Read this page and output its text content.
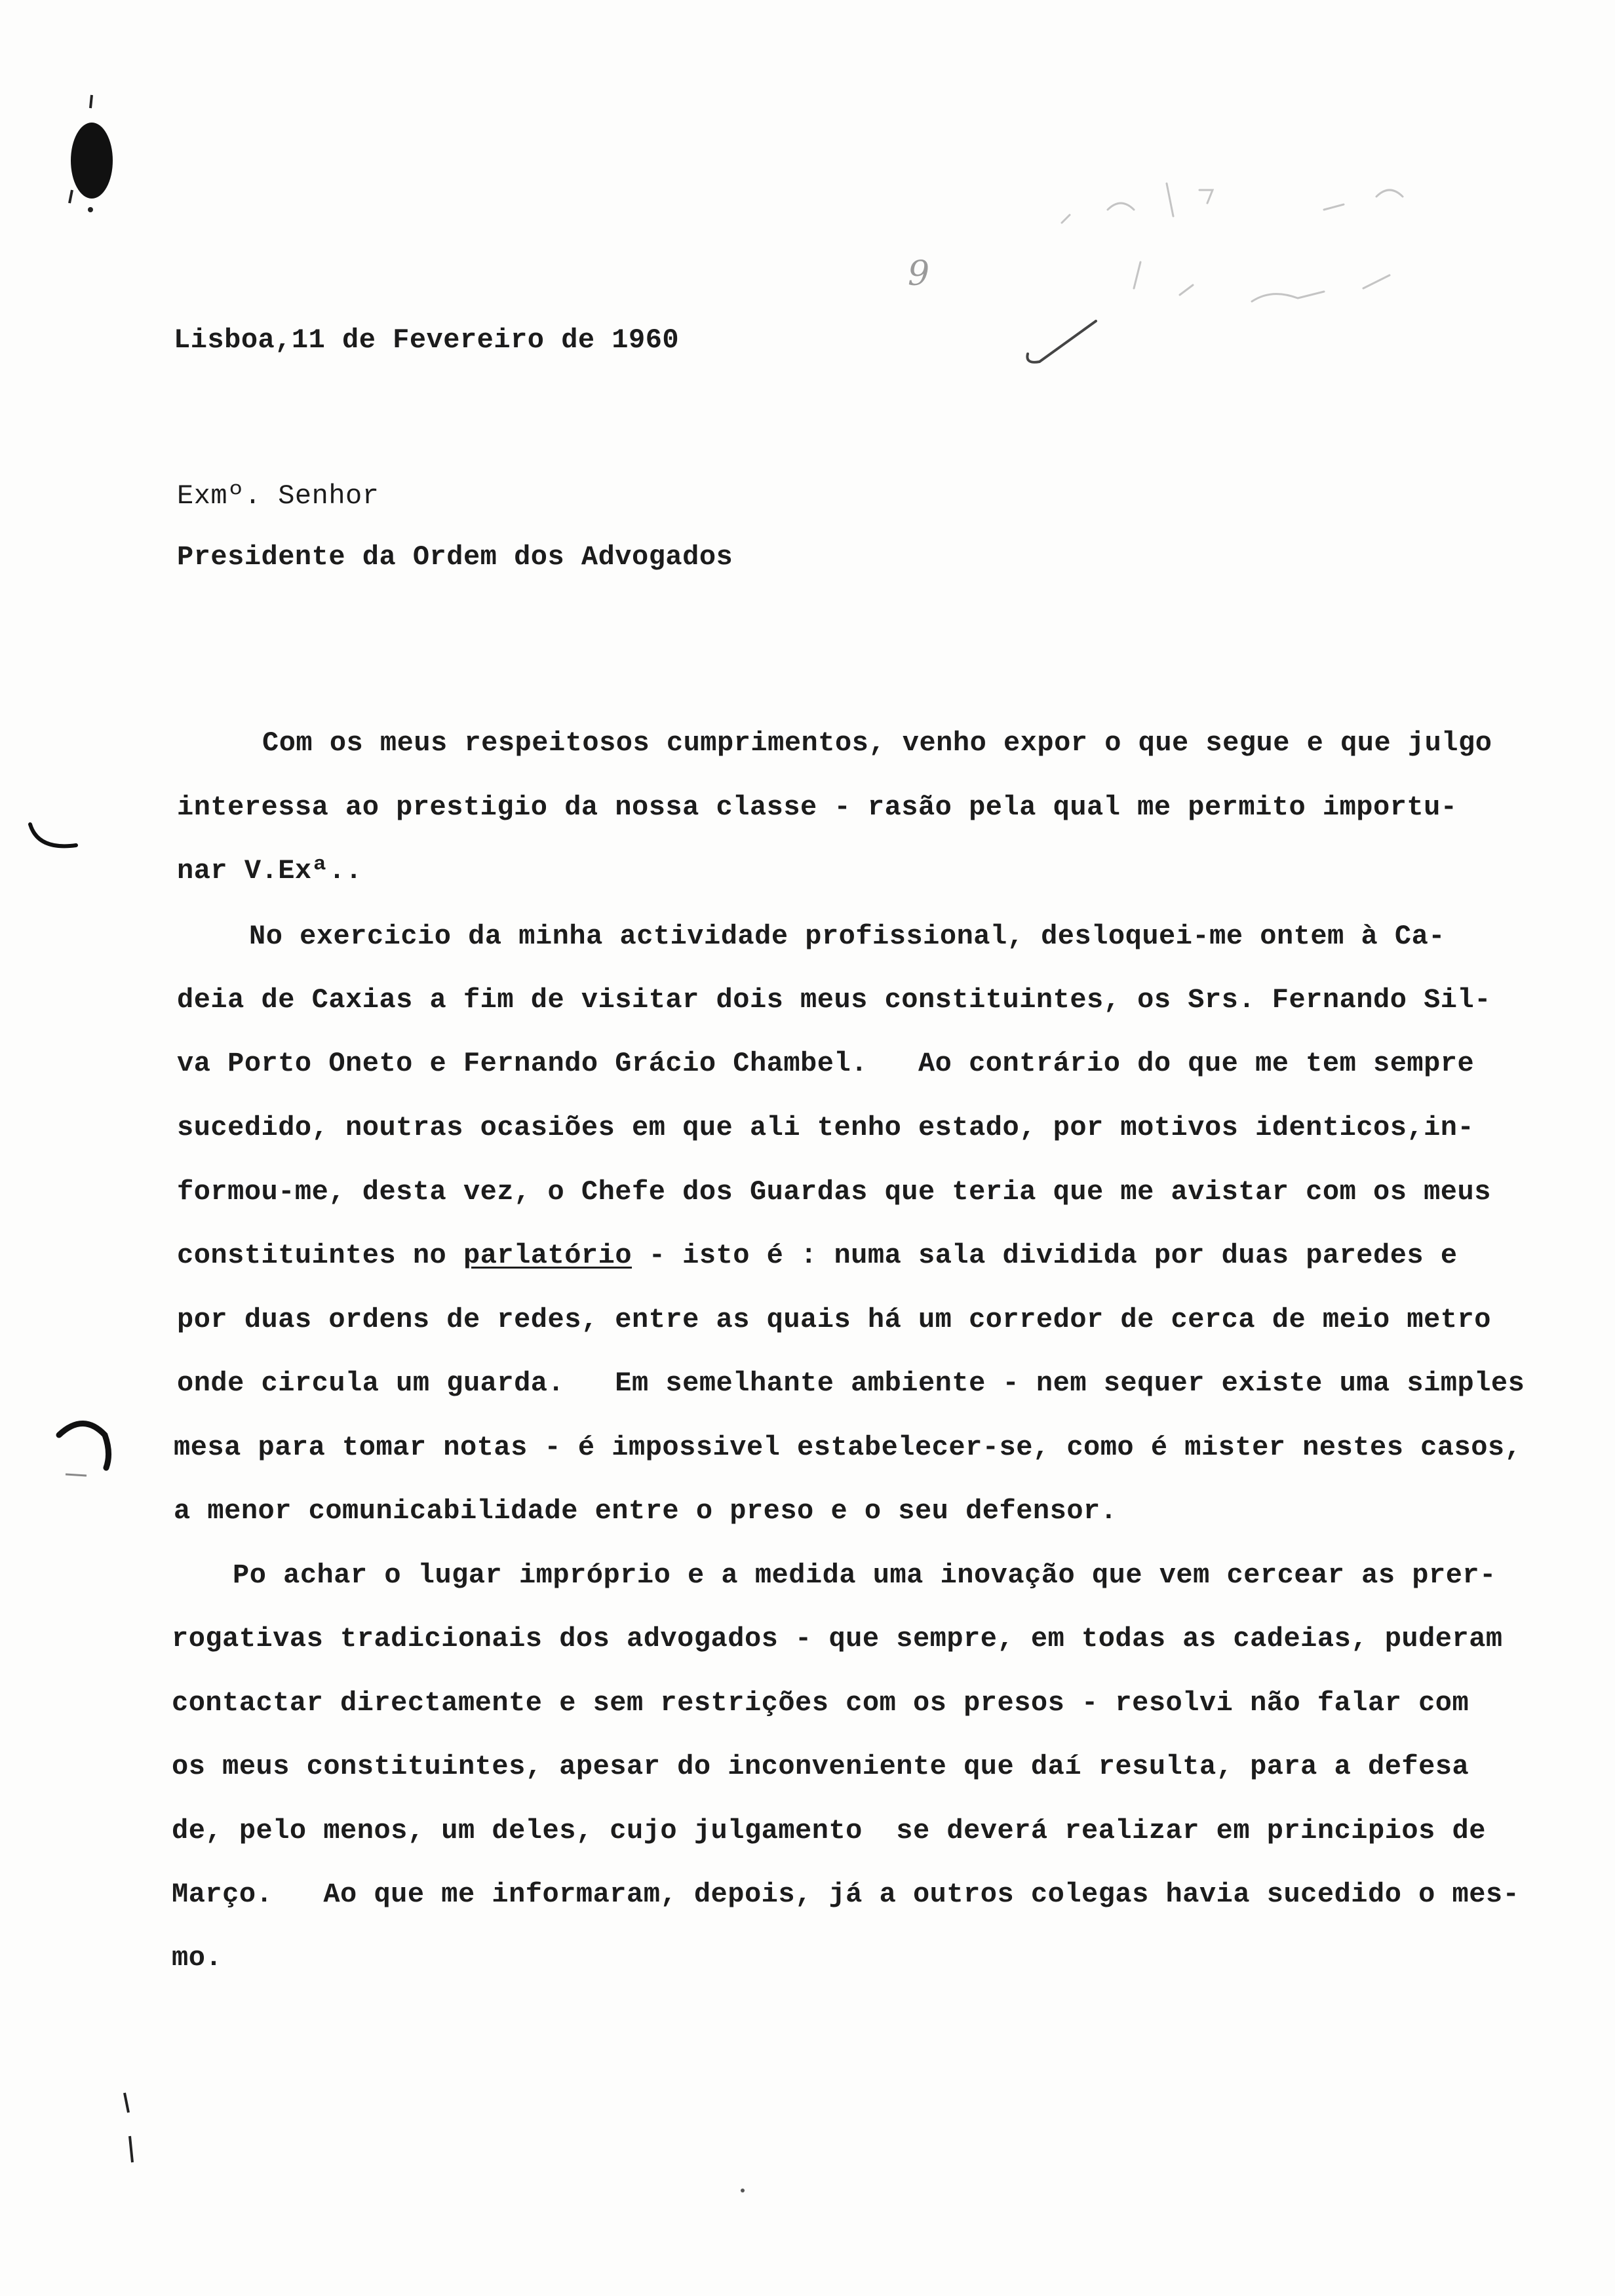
9
Lisboa,11 de Fevereiro de 1960
Exmº. Senhor
Presidente da Ordem dos Advogados
Com os meus respeitosos cumprimentos, venho expor o que segue e que julgo
interessa ao prestigio da nossa classe - rasão pela qual me permito importu-
nar V.Exª..
No exercicio da minha actividade profissional, desloquei-me ontem à Ca-
deia de Caxias a fim de visitar dois meus constituintes, os Srs. Fernando Sil-
va Porto Oneto e Fernando Grácio Chambel.   Ao contrário do que me tem sempre
sucedido, noutras ocasiões em que ali tenho estado, por motivos identicos,in-
formou-me, desta vez, o Chefe dos Guardas que teria que me avistar com os meus
constituintes no parlatório - isto é : numa sala dividida por duas paredes e
por duas ordens de redes, entre as quais há um corredor de cerca de meio metro
onde circula um guarda.   Em semelhante ambiente - nem sequer existe uma simples
mesa para tomar notas - é impossivel estabelecer-se, como é mister nestes casos,
a menor comunicabilidade entre o preso e o seu defensor.
Po achar o lugar impróprio e a medida uma inovação que vem cercear as prer-
rogativas tradicionais dos advogados - que sempre, em todas as cadeias, puderam
contactar directamente e sem restrições com os presos - resolvi não falar com
os meus constituintes, apesar do inconveniente que daí resulta, para a defesa
de, pelo menos, um deles, cujo julgamento  se deverá realizar em principios de
Março.   Ao que me informaram, depois, já a outros colegas havia sucedido o mes-
mo.
